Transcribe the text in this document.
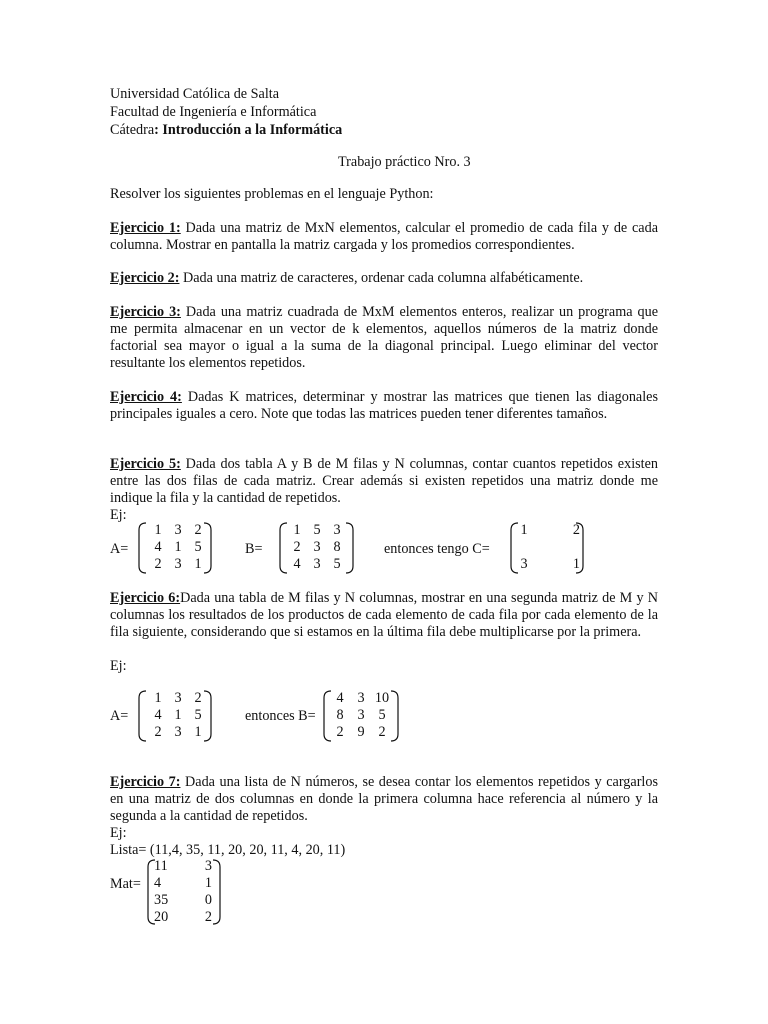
Universidad Católica de Salta
Facultad de Ingeniería e Informática
Cátedra: Introducción a la Informática
Trabajo práctico Nro. 3
Resolver los siguientes problemas en el lenguaje Python:
Ejercicio 1: Dada una matriz de MxN elementos, calcular el promedio de cada fila y de cada columna. Mostrar en pantalla la matriz cargada y los promedios correspondientes.
Ejercicio 2: Dada una matriz de caracteres, ordenar cada columna alfabéticamente.
Ejercicio 3: Dada una matriz cuadrada de MxM elementos enteros, realizar un programa que me permita almacenar en un vector de k elementos, aquellos números de la matriz donde factorial sea mayor o igual a la suma de la diagonal principal. Luego eliminar del vector resultante los elementos repetidos.
Ejercicio 4: Dadas K matrices, determinar y mostrar las matrices que tienen las diagonales principales iguales a cero. Note que todas las matrices pueden tener diferentes tamaños.
Ejercicio 5: Dada dos tabla A y B de M filas y N columnas, contar cuantos repetidos existen entre las dos filas de cada matriz. Crear además si existen repetidos una matriz donde me indique la fila y la cantidad de repetidos.
Ej:
A=
1 3 2
4 1 5
2 3 1
B=
1 5 3
2 3 8
4 3 5
entonces tengo C=
1	2
3	1
Ejercicio 6:Dada una tabla de M filas y N columnas, mostrar en una segunda matriz de M y N columnas los resultados de los productos de cada elemento de cada fila por cada elemento de la fila siguiente, considerando que si estamos en la última fila debe multiplicarse por la primera.
Ej:
A=
1 3 2
4 1 5
2 3 1
entonces B=
4 3 10
8 3 5
2 9 2
Ejercicio 7: Dada una lista de N números, se desea contar los elementos repetidos y cargarlos en una matriz de dos columnas en donde la primera columna hace referencia al número y la segunda a la cantidad de repetidos.
Ej:
Lista= (11,4, 35, 11, 20, 20, 11, 4, 20, 11)
Mat=
11	3
4	1
35	0
20	2
